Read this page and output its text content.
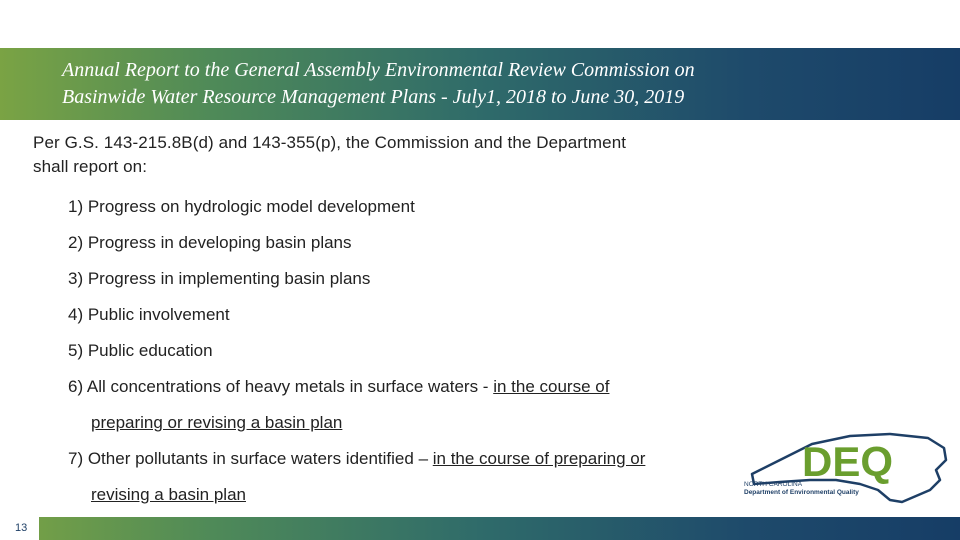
Annual Report to the General Assembly Environmental Review Commission on
Basinwide Water Resource Management Plans - July1, 2018 to June 30, 2019

Per G.S. 143-215.8B(d) and 143-355(p), the Commission and the Department
shall report on:

1) Progress on hydrologic model development
2) Progress in developing basin plans
3) Progress in implementing basin plans
4) Public involvement
5) Public education
6) All concentrations of heavy metals in surface waters - in the course of
preparing or revising a basin plan
7) Other pollutants in surface waters identified – in the course of preparing or
revising a basin plan
DEQ
NORTH CAROLINA
Department of Environmental Quality
13
